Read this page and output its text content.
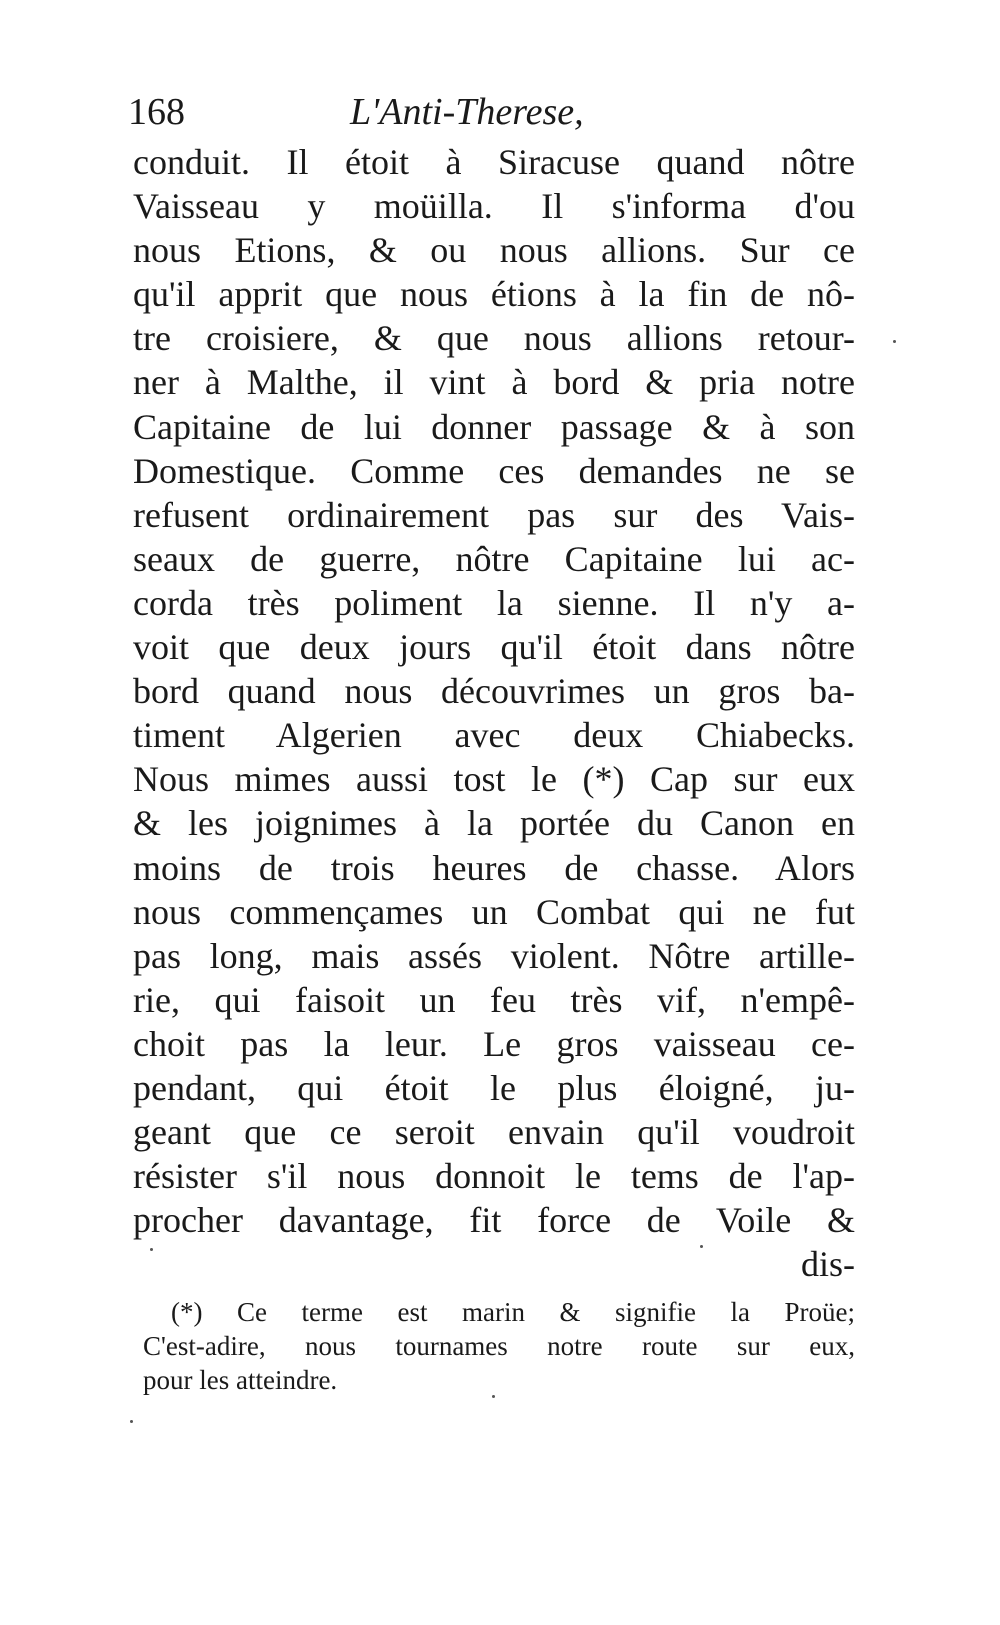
168	L'Anti-Therese,
conduit. Il étoit à Siracuse quand nôtre
Vaisseau y moüilla. Il s'informa d'ou
nous Etions, & ou nous allions. Sur ce
qu'il apprit que nous étions à la fin de nô-
tre croisiere, & que nous allions retour-
ner à Malthe, il vint à bord & pria notre
Capitaine de lui donner passage & à son
Domestique. Comme ces demandes ne se
refusent ordinairement pas sur des Vais-
seaux de guerre, nôtre Capitaine lui ac-
corda très poliment la sienne. Il n'y a-
voit que deux jours qu'il étoit dans nôtre
bord quand nous découvrimes un gros ba-
timent Algerien avec deux Chiabecks.
Nous mimes aussi tost le (*) Cap sur eux
& les joignimes à la portée du Canon en
moins de trois heures de chasse. Alors
nous commençames un Combat qui ne fut
pas long, mais assés violent. Nôtre artille-
rie, qui faisoit un feu très vif, n'empê-
choit pas la leur. Le gros vaisseau ce-
pendant, qui étoit le plus éloigné, ju-
geant que ce seroit envain qu'il voudroit
résister s'il nous donnoit le tems de l'ap-
procher davantage, fit force de Voile &
dis-
(*) Ce terme est marin & signifie la Proüe;
C'est-adire, nous tournames notre route sur eux,
pour les atteindre.
